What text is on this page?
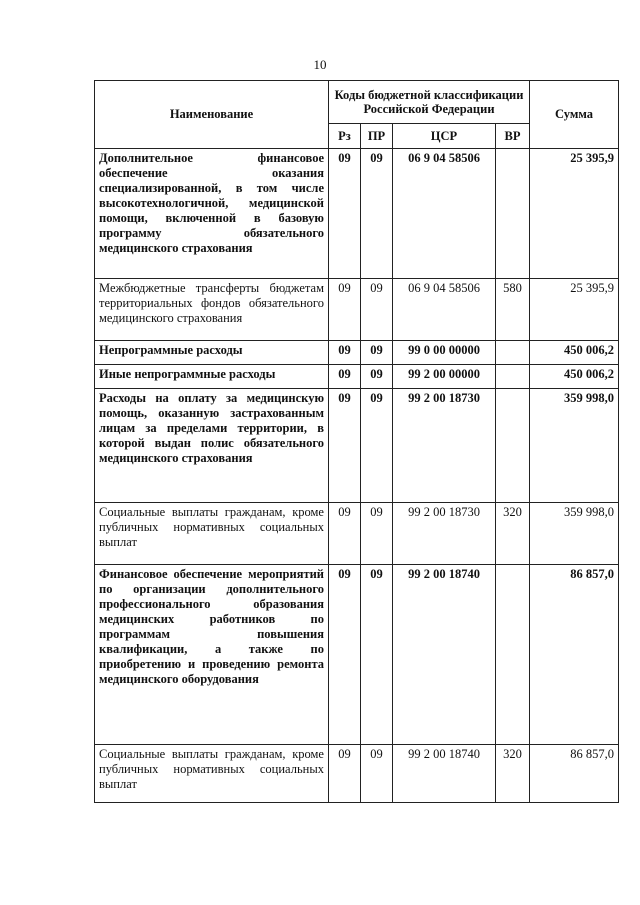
10
Наименование	Коды бюджетной классификации Российской Федерации				Сумма
	Рз	ПР	ЦСР	ВР	
Дополнительное финансовое обеспечение оказания специализированной, в том числе высокотехнологичной, медицинской помощи, включенной в базовую программу обязательного медицинского страхования	09	09	06 9 04 58506		25 395,9
Межбюджетные трансферты бюджетам территориальных фондов обязательного медицинского страхования	09	09	06 9 04 58506	580	25 395,9
Непрограммные расходы	09	09	99 0 00 00000		450 006,2
Иные непрограммные расходы	09	09	99 2 00 00000		450 006,2
Расходы на оплату за медицинскую помощь, оказанную застрахованным лицам за пределами территории, в которой выдан полис обязательного медицинского страхования	09	09	99 2 00 18730		359 998,0
Социальные выплаты гражданам, кроме публичных нормативных социальных выплат	09	09	99 2 00 18730	320	359 998,0
Финансовое обеспечение мероприятий по организации дополнительного профессионального образования медицинских работников по программам повышения квалификации, а также по приобретению и проведению ремонта медицинского оборудования	09	09	99 2 00 18740		86 857,0
Социальные выплаты гражданам, кроме публичных нормативных социальных выплат	09	09	99 2 00 18740	320	86 857,0
